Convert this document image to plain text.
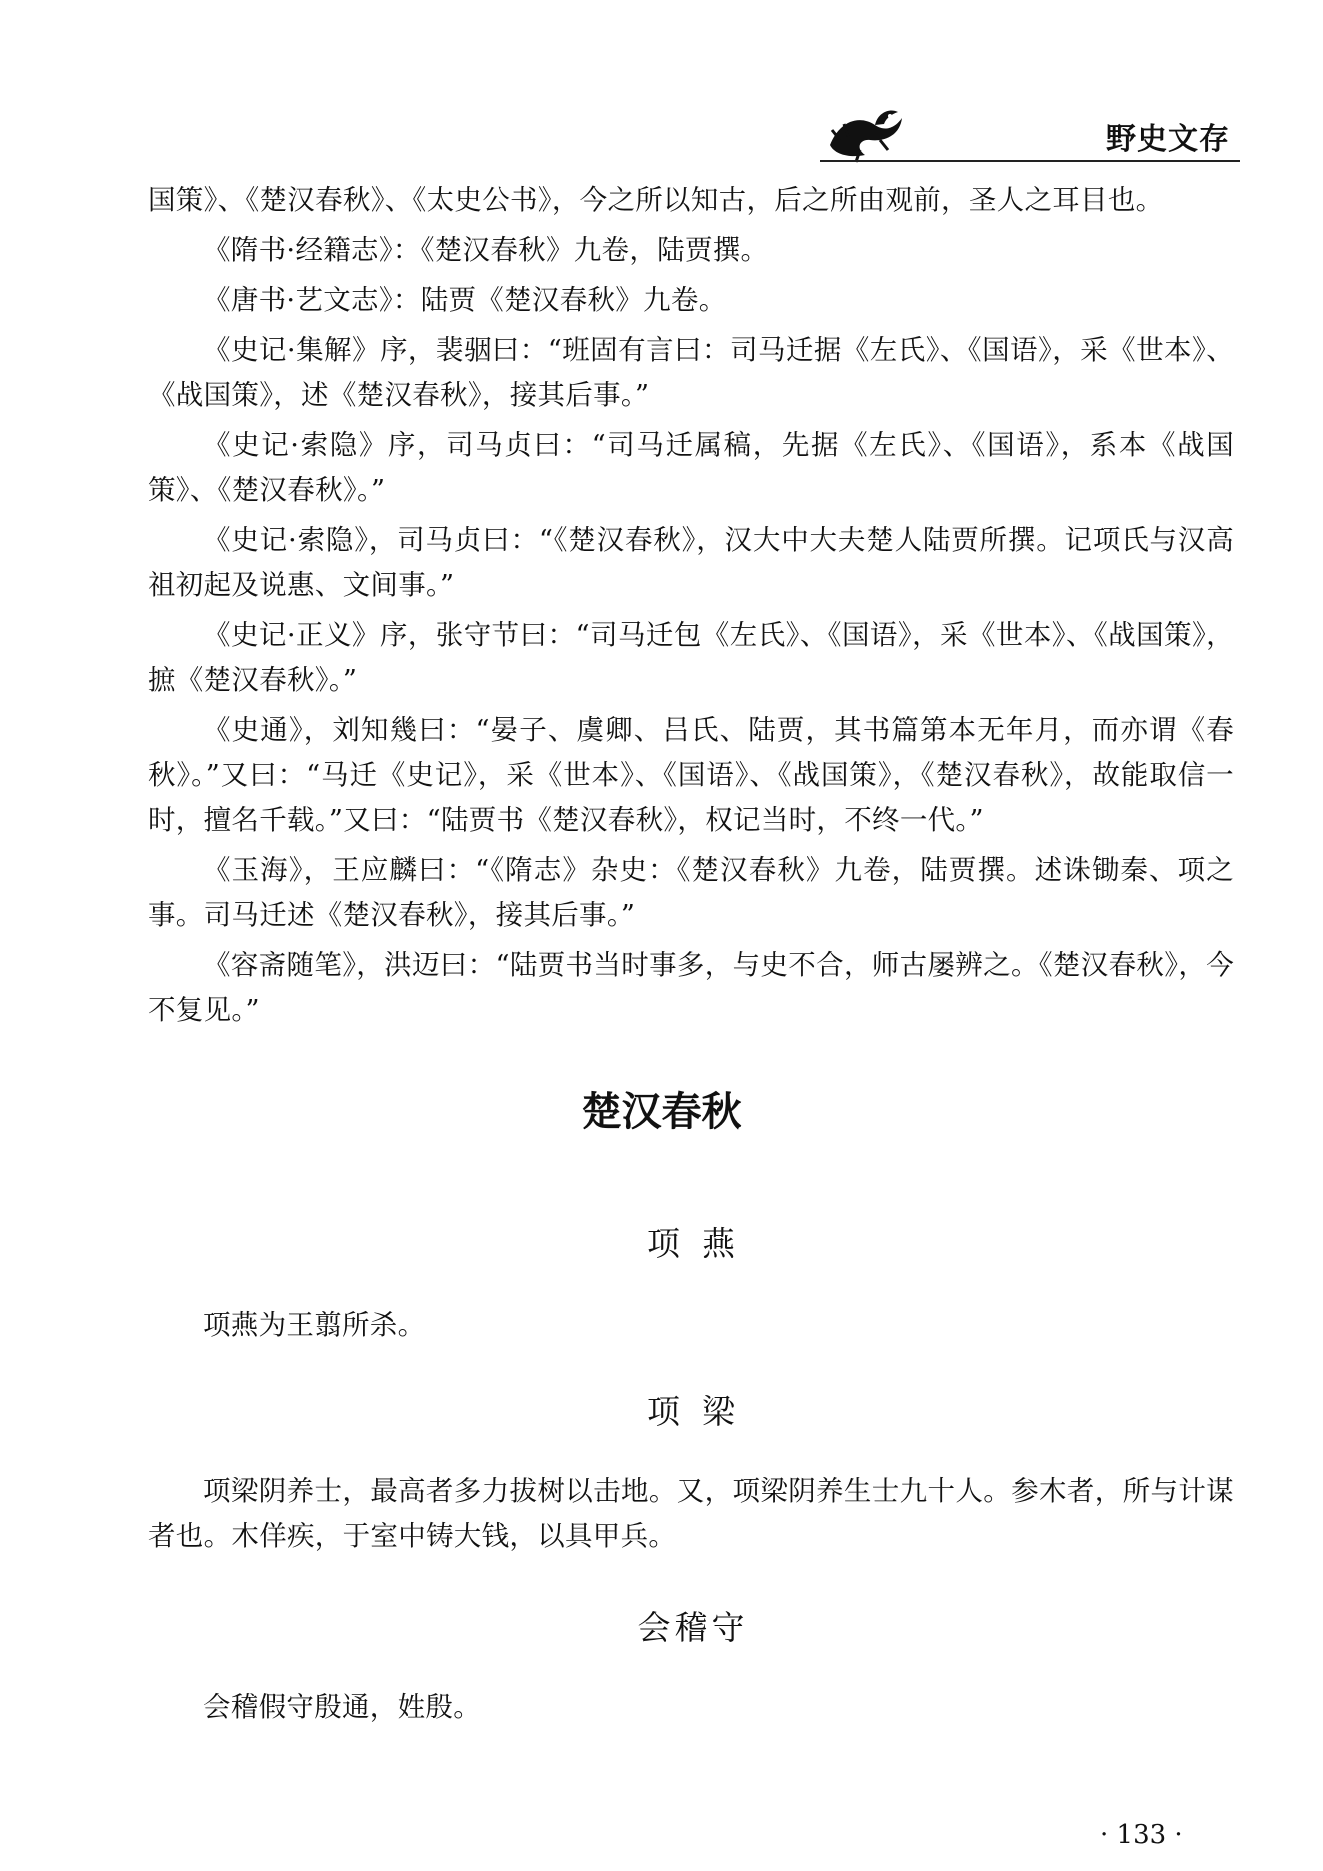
野史文存

国策》、《楚汉春秋》、《太史公书》，今之所以知古，后之所由观前，圣人之耳目也。

《隋书·经籍志》：《楚汉春秋》九卷，陆贾撰。

《唐书·艺文志》：陆贾《楚汉春秋》九卷。

《史记·集解》序，裴骃曰：“班固有言曰：司马迁据《左氏》、《国语》，采《世本》、《战国策》，述《楚汉春秋》，接其后事。”

《史记·索隐》序，司马贞曰：“司马迁属稿，先据《左氏》、《国语》，系本《战国策》、《楚汉春秋》。”

《史记·索隐》，司马贞曰：“《楚汉春秋》，汉大中大夫楚人陆贾所撰。记项氏与汉高祖初起及说惠、文间事。”

《史记·正义》序，张守节曰：“司马迁包《左氏》、《国语》，采《世本》、《战国策》，摭《楚汉春秋》。”

《史通》，刘知幾曰：“晏子、虞卿、吕氏、陆贾，其书篇第本无年月，而亦谓《春秋》。”又曰：“马迁《史记》，采《世本》、《国语》、《战国策》，《楚汉春秋》，故能取信一时，擅名千载。”又曰：“陆贾书《楚汉春秋》，权记当时，不终一代。”

《玉海》，王应麟曰：“《隋志》杂史：《楚汉春秋》九卷，陆贾撰。述诛锄秦、项之事。司马迁述《楚汉春秋》，接其后事。”

《容斋随笔》，洪迈曰：“陆贾书当时事多，与史不合，师古屡辨之。《楚汉春秋》，今不复见。”

楚汉春秋
项燕

项燕为王翦所杀。

项梁

项梁阴养士，最高者多力拔树以击地。又，项梁阴养生士九十人。参木者，所与计谋者也。木佯疾，于室中铸大钱，以具甲兵。

会稽守

会稽假守殷通，姓殷。

· 133 ·
